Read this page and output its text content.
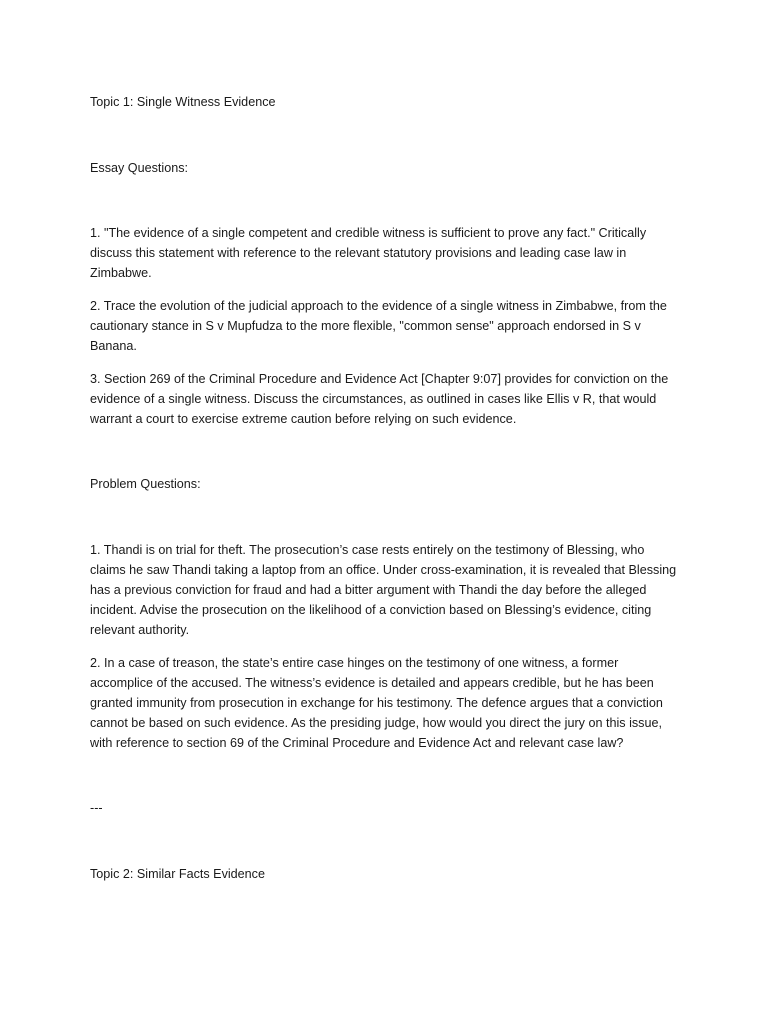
Topic 1: Single Witness Evidence

Essay Questions:

1. "The evidence of a single competent and credible witness is sufficient to prove any fact." Critically
discuss this statement with reference to the relevant statutory provisions and leading case law in
Zimbabwe.
2. Trace the evolution of the judicial approach to the evidence of a single witness in Zimbabwe, from the
cautionary stance in S v Mupfudza to the more flexible, "common sense" approach endorsed in S v
Banana.
3. Section 269 of the Criminal Procedure and Evidence Act [Chapter 9:07] provides for conviction on the
evidence of a single witness. Discuss the circumstances, as outlined in cases like Ellis v R, that would
warrant a court to exercise extreme caution before relying on such evidence.

Problem Questions:

1. Thandi is on trial for theft. The prosecution’s case rests entirely on the testimony of Blessing, who
claims he saw Thandi taking a laptop from an office. Under cross-examination, it is revealed that Blessing
has a previous conviction for fraud and had a bitter argument with Thandi the day before the alleged
incident. Advise the prosecution on the likelihood of a conviction based on Blessing’s evidence, citing
relevant authority.
2. In a case of treason, the state’s entire case hinges on the testimony of one witness, a former
accomplice of the accused. The witness’s evidence is detailed and appears credible, but he has been
granted immunity from prosecution in exchange for his testimony. The defence argues that a conviction
cannot be based on such evidence. As the presiding judge, how would you direct the jury on this issue,
with reference to section 69 of the Criminal Procedure and Evidence Act and relevant case law?

---

Topic 2: Similar Facts Evidence
